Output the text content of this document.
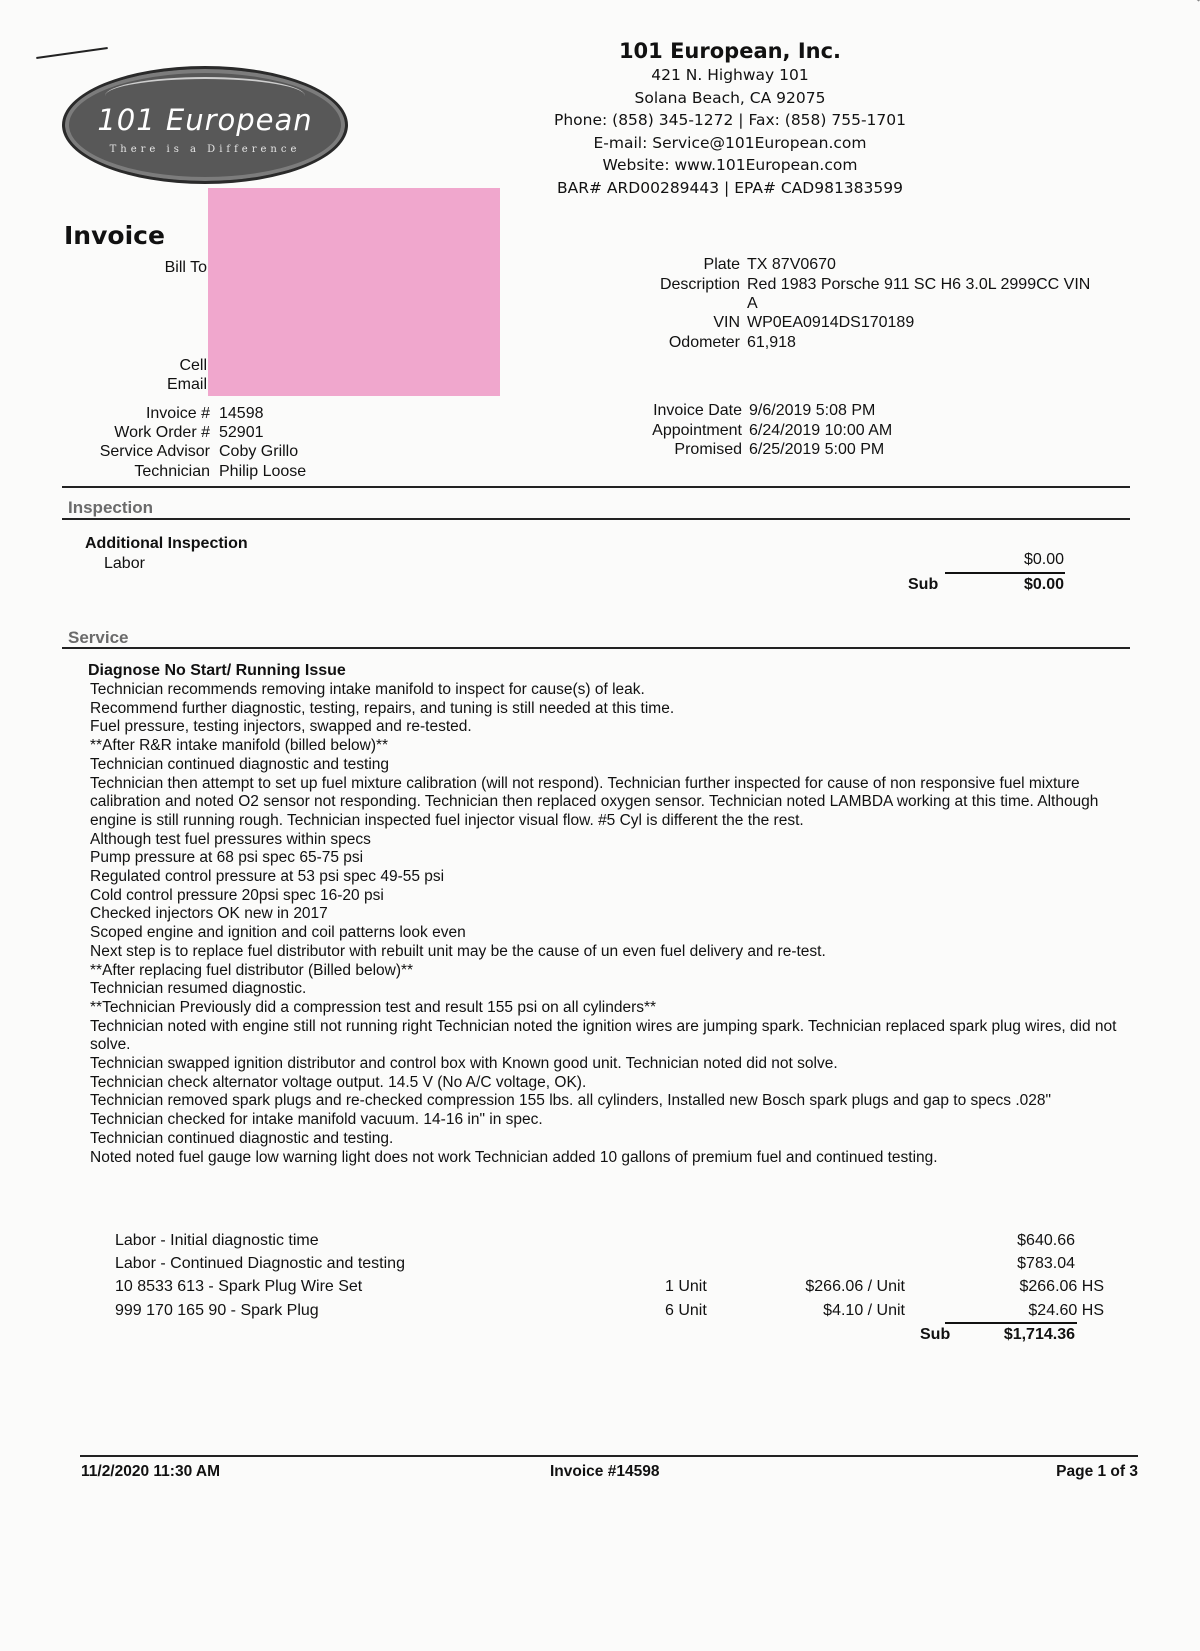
101 European
There is a Difference
101 European, Inc.
421 N. Highway 101
Solana Beach, CA 92075
Phone: (858) 345-1272 | Fax: (858) 755-1701
E-mail: Service@101European.com
Website: www.101European.com
BAR# ARD00289443 | EPA# CAD981383599
Invoice
Bill To
Cell
Email
Invoice # 14598
Work Order # 52901
Service Advisor Coby Grillo
Technician Philip Loose
Plate TX 87V0670
Description Red 1983 Porsche 911 SC H6 3.0L 2999CC VIN
A
VIN WP0EA0914DS170189
Odometer 61,918
Invoice Date 9/6/2019 5:08 PM
Appointment 6/24/2019 10:00 AM
Promised 6/25/2019 5:00 PM
Inspection
Additional Inspection
Labor	$0.00
Sub	$0.00
Service
Diagnose No Start/ Running Issue
Technician recommends removing intake manifold to inspect for cause(s) of leak.
Recommend further diagnostic, testing, repairs, and tuning is still needed at this time.
Fuel pressure, testing injectors, swapped and re-tested.
**After R&R intake manifold (billed below)**
Technician continued diagnostic and testing
Technician then attempt to set up fuel mixture calibration (will not respond). Technician further inspected for cause of non responsive fuel mixture calibration and noted O2 sensor not responding. Technician then replaced oxygen sensor. Technician noted LAMBDA working at this time. Although engine is still running rough. Technician inspected fuel injector visual flow. #5 Cyl is different the the rest.
Although test fuel pressures within specs
Pump pressure at 68 psi spec 65-75 psi
Regulated control pressure at 53 psi spec 49-55 psi
Cold control pressure 20psi spec 16-20 psi
Checked injectors OK new in 2017
Scoped engine and ignition and coil patterns look even
Next step is to replace fuel distributor with rebuilt unit may be the cause of un even fuel delivery and re-test.
**After replacing fuel distributor (Billed below)**
Technician resumed diagnostic.
**Technician Previously did a compression test and result 155 psi on all cylinders**
Technician noted with engine still not running right Technician noted the ignition wires are jumping spark. Technician replaced spark plug wires, did not solve.
Technician swapped ignition distributor and control box with Known good unit. Technician noted did not solve.
Technician check alternator voltage output. 14.5 V (No A/C voltage, OK).
Technician removed spark plugs and re-checked compression 155 lbs. all cylinders, Installed new Bosch spark plugs and gap to specs .028"
Technician checked for intake manifold vacuum. 14-16 in" in spec.
Technician continued diagnostic and testing.
Noted noted fuel gauge low warning light does not work Technician added 10 gallons of premium fuel and continued testing.
Labor - Initial diagnostic time	$640.66
Labor - Continued Diagnostic and testing	$783.04
10 8533 613 - Spark Plug Wire Set	1 Unit	$266.06 / Unit	$266.06 HS
999 170 165 90 - Spark Plug	6 Unit	$4.10 / Unit	$24.60 HS
Sub	$1,714.36
11/2/2020 11:30 AM	Invoice #14598	Page 1 of 3
